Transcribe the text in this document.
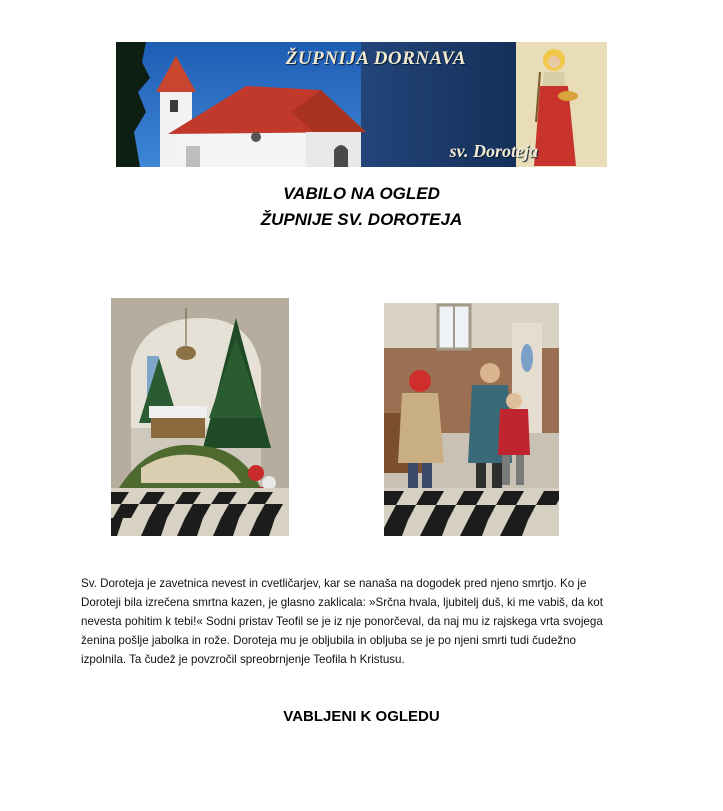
ŽUPNIJA DORNAVA
sv. Doroteja
VABILO NA OGLED
ŽUPNIJE SV. DOROTEJA
Sv. Doroteja je zavetnica nevest in cvetličarjev, kar se nanaša na dogodek pred njeno smrtjo. Ko je
Doroteji bila izrečena smrtna kazen, je glasno zaklicala: »Srčna hvala, ljubitelj duš, ki me vabiš, da kot
nevesta pohitim k tebi!« Sodni pristav Teofil se je iz nje ponorčeval, da naj mu iz rajskega vrta svojega
ženina pošlje jabolka in rože. Doroteja mu je obljubila in obljuba se je po njeni smrti tudi čudežno
izpolnila. Ta čudež je povzročil spreobrnjenje Teofila h Kristusu.
VABLJENI K OGLEDU
